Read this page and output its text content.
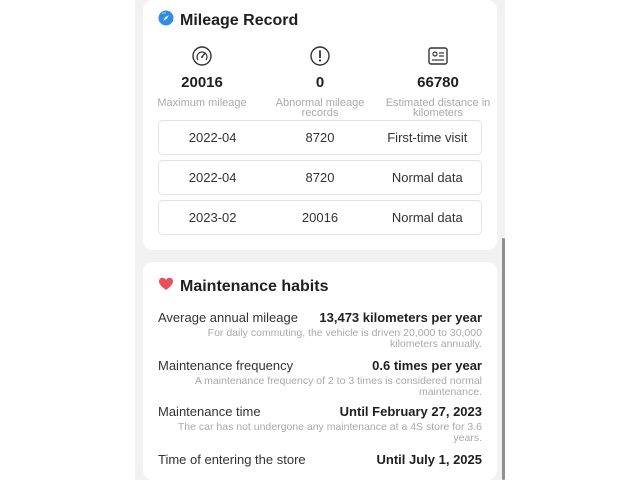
Mileage Record
20016
Maximum mileage
0
Abnormal mileage records
66780
Estimated distance in kilometers
2022-04	8720	First-time visit
2022-04	8720	Normal data
2023-02	20016	Normal data
Maintenance habits
Average annual mileage 13,473 kilometers per year
For daily commuting, the vehicle is driven 20,000 to 30,000 kilometers annually.
Maintenance frequency	0.6 times per year
A maintenance frequency of 2 to 3 times is considered normal maintenance.
Maintenance time	Until February 27, 2023
The car has not undergone any maintenance at a 4S store for 3.6 years.
Time of entering the store	Until July 1, 2025
